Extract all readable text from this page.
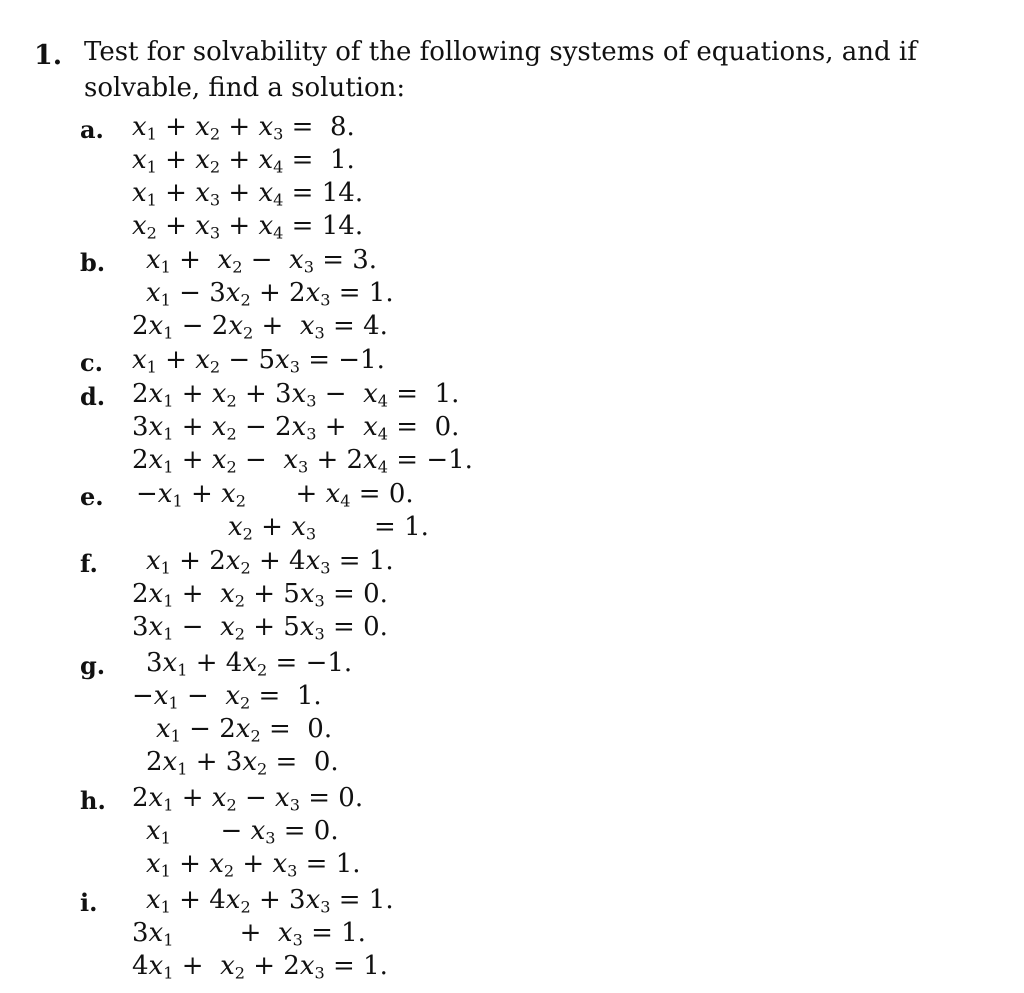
1. Test for solvability of the following systems of equations, and if solvable, find a solution:
a. $x_1 + x_2 + x_3 = 8$.
$x_1 + x_2 + x_4 = 1$.
$x_1 + x_3 + x_4 = 14$.
$x_2 + x_3 + x_4 = 14$.
b. $x_1 + x_2 - x_3 = 3$.
$x_1 - 3x_2 + 2x_3 = 1$.
$2x_1 - 2x_2 + x_3 = 4$.
c. $x_1 + x_2 - 5x_3 = -1$.
d. $2x_1 + x_2 + 3x_3 - x_4 = 1$.
$3x_1 + x_2 - 2x_3 + x_4 = 0$.
$2x_1 + x_2 - x_3 + 2x_4 = -1$.
e. $-x_1 + x_2$      + $x_4 = 0$.
$x_2 + x_3$       = 1.
f. $x_1 + 2x_2 + 4x_3 = 1$.
$2x_1 + x_2 + 5x_3 = 0$.
$3x_1 - x_2 + 5x_3 = 0$.
g. $3x_1 + 4x_2 = -1$.
$-x_1 - x_2 = 1$.
$x_1 - 2x_2 = 0$.
$2x_1 + 3x_2 = 0$.
h. $2x_1 + x_2 - x_3 = 0$.
$x_1$      − $x_3 = 0$.
$x_1 + x_2 + x_3 = 1$.
i. $x_1 + 4x_2 + 3x_3 = 1$.
$3x_1$        +  $x_3 = 1$.
$4x_1 + x_2 + 2x_3 = 1$.
